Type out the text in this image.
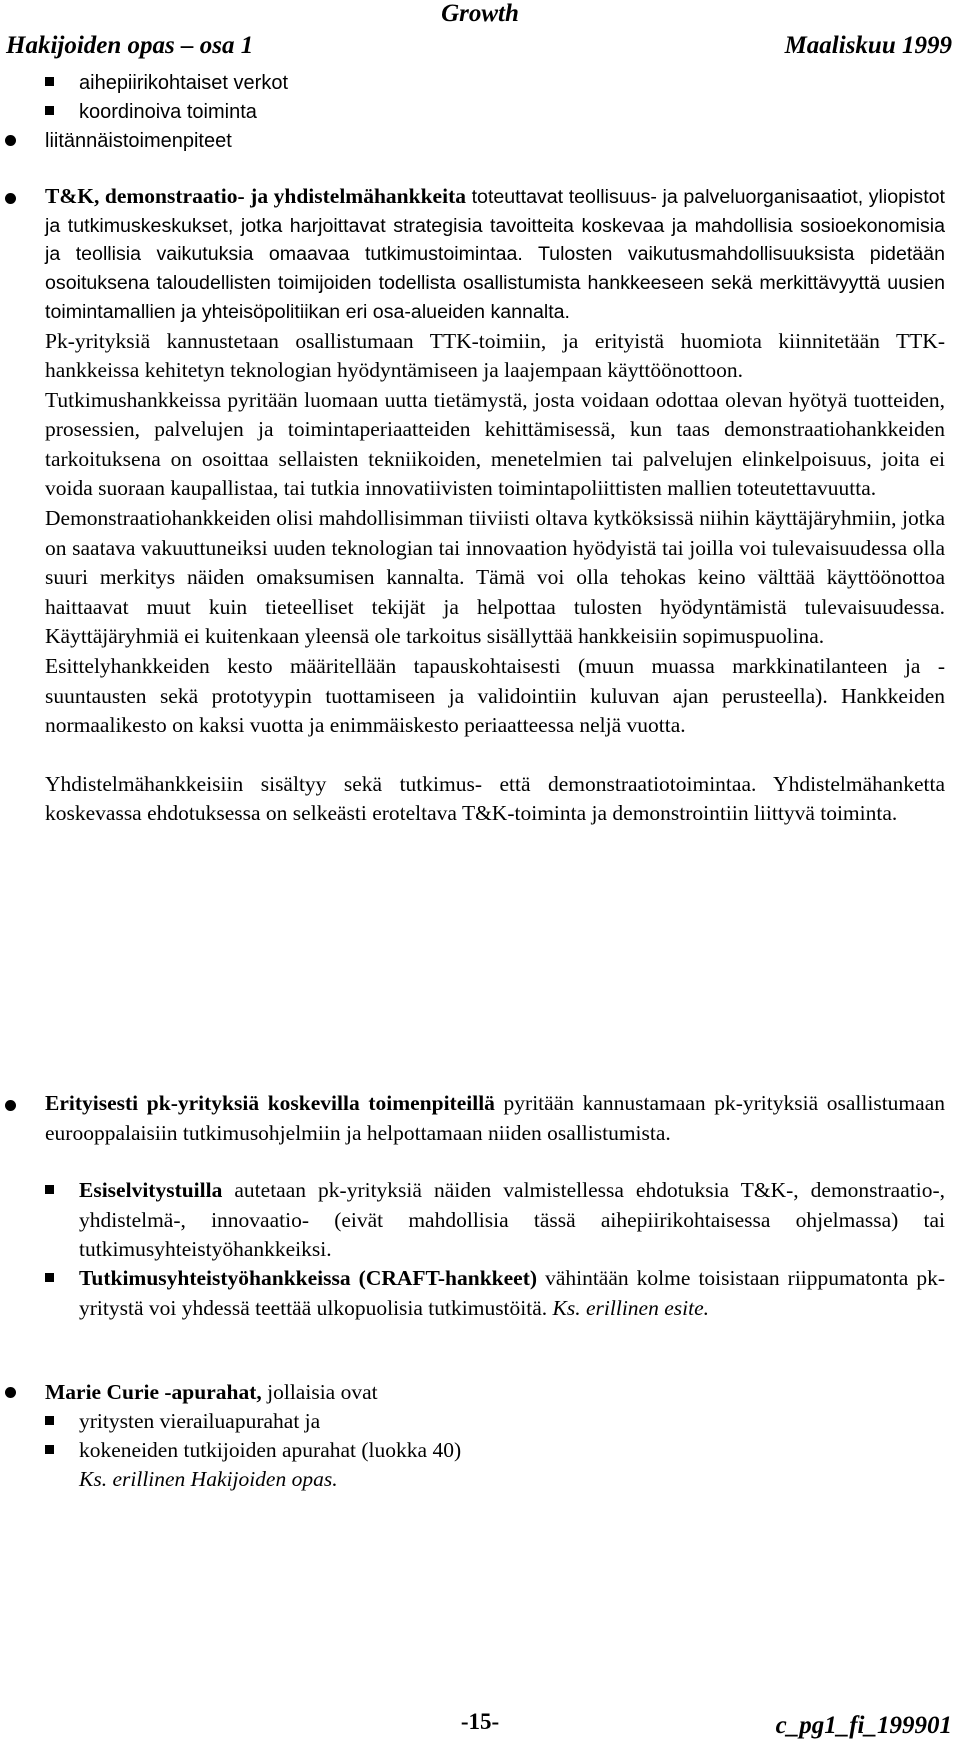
Growth
Hakijoiden opas – osa 1	Maaliskuu 1999
aihepiirikohtaiset verkot
koordinoiva toiminta
liitännäistoimenpiteet

T&K, demonstraatio- ja yhdistelmähankkeita toteuttavat teollisuus- ja palveluorganisaatiot, yliopistot ja tutkimuskeskukset, jotka harjoittavat strategisia tavoitteita koskevaa ja mahdollisia sosioekonomisia ja teollisia vaikutuksia omaavaa tutkimustoimintaa. Tulosten vaikutusmahdollisuuksista pidetään osoituksena taloudellisten toimijoiden todellista osallistumista hankkeeseen sekä merkittävyyttä uusien toimintamallien ja yhteisöpolitiikan eri osa-alueiden kannalta.

Pk-yrityksiä kannustetaan osallistumaan TTK-toimiin, ja erityistä huomiota kiinnitetään TTK-hankkeissa kehitetyn teknologian hyödyntämiseen ja laajempaan käyttöönottoon.

Tutkimushankkeissa pyritään luomaan uutta tietämystä, josta voidaan odottaa olevan hyötyä tuotteiden, prosessien, palvelujen ja toimintaperiaatteiden kehittämisessä, kun taas demonstraatiohankkeiden tarkoituksena on osoittaa sellaisten tekniikoiden, menetelmien tai palvelujen elinkelpoisuus, joita ei voida suoraan kaupallistaa, tai tutkia innovatiivisten toimintapoliittisten mallien toteutettavuutta.

Demonstraatiohankkeiden olisi mahdollisimman tiiviisti oltava kytköksissä niihin käyttäjäryhmiin, jotka on saatava vakuuttuneiksi uuden teknologian tai innovaation hyödyistä tai joilla voi tulevaisuudessa olla suuri merkitys näiden omaksumisen kannalta. Tämä voi olla tehokas keino välttää käyttöönottoa haittaavat muut kuin tieteelliset tekijät ja helpottaa tulosten hyödyntämistä tulevaisuudessa. Käyttäjäryhmiä ei kuitenkaan yleensä ole tarkoitus sisällyttää hankkeisiin sopimuspuolina.

Esittelyhankkeiden kesto määritellään tapauskohtaisesti (muun muassa markkinatilanteen ja -suuntausten sekä prototyypin tuottamiseen ja validointiin kuluvan ajan perusteella). Hankkeiden normaalikesto on kaksi vuotta ja enimmäiskesto periaatteessa neljä vuotta.

Yhdistelmähankkeisiin sisältyy sekä tutkimus- että demonstraatiotoimintaa. Yhdistelmähanketta koskevassa ehdotuksessa on selkeästi eroteltava T&K-toiminta ja demonstrointiin liittyvä toiminta.

Erityisesti pk-yrityksiä koskevilla toimenpiteillä pyritään kannustamaan pk-yrityksiä osallistumaan eurooppalaisiin tutkimusohjelmiin ja helpottamaan niiden osallistumista.

Esiselvitystuilla autetaan pk-yrityksiä näiden valmistellessa ehdotuksia T&K-, demonstraatio-, yhdistelmä-, innovaatio- (eivät mahdollisia tässä aihepiirikohtaisessa ohjelmassa) tai tutkimusyhteistyöhankkeiksi.
Tutkimusyhteistyöhankkeissa (CRAFT-hankkeet) vähintään kolme toisistaan riippumatonta pk-yritystä voi yhdessä teettää ulkopuolisia tutkimustöitä. Ks. erillinen esite.
Marie Curie -apurahat, jollaisia ovat
yritysten vierailuapurahat ja
kokeneiden tutkijoiden apurahat (luokka 40)
Ks. erillinen Hakijoiden opas.
-15-	c_pg1_fi_199901
